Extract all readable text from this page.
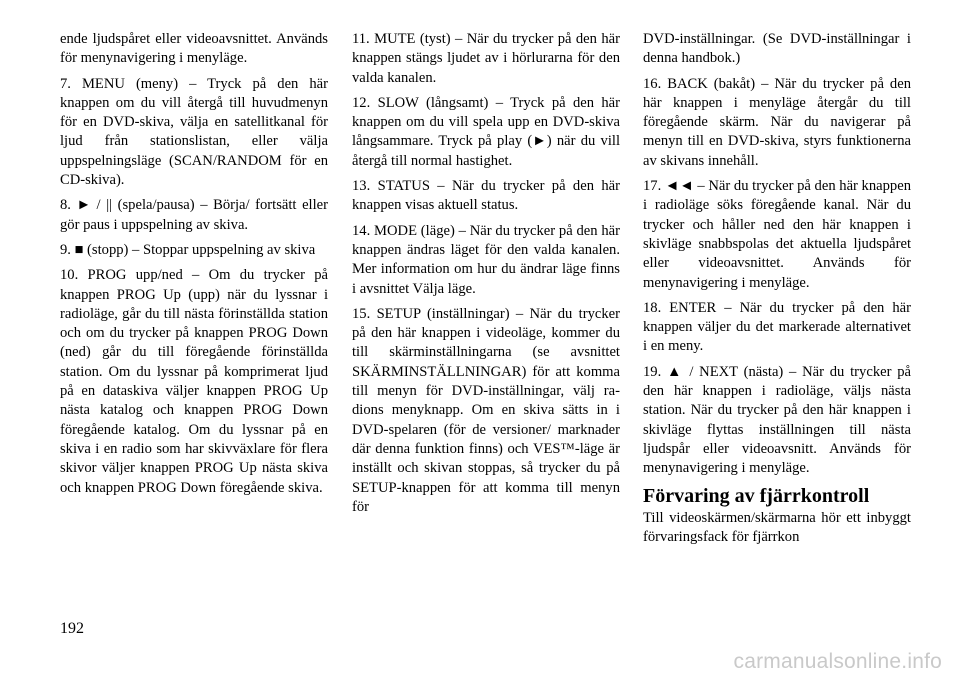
ende ljudspåret eller videoavsnittet. Används för menynavigering i menyläge.

7. MENU (meny) – Tryck på den här knappen om du vill återgå till huvudmenyn för en DVD-skiva, välja en satellitkanal för ljud från stationslistan, eller välja uppspelningsläge (SCAN/RANDOM för en CD-skiva).

8. ► / || (spela/pausa) – Börja/ fortsätt eller gör paus i uppspelning av skiva.

9. ■ (stopp) – Stoppar uppspelning av skiva

10. PROG upp/ned – Om du trycker på knappen PROG Up (upp) när du lyssnar i radioläge, går du till nästa förinställda station och om du trycker på knappen PROG Down (ned) går du till föregående förinställda station. Om du lyssnar på komprimerat ljud på en dataskiva väljer knappen PROG Up nästa katalog och knappen PROG Down föregående katalog. Om du lyssnar på en skiva i en radio som har skivväxlare för flera skivor väljer knappen PROG Up nästa skiva och knappen PROG Down föregående skiva.

11. MUTE (tyst) – När du trycker på den här knappen stängs ljudet av i hörlurarna för den valda kanalen.

12. SLOW (långsamt) – Tryck på den här knappen om du vill spela upp en DVD-skiva långsammare. Tryck på play (►) när du vill återgå till normal hastighet.

13. STATUS – När du trycker på den här knappen visas aktuell status.

14. MODE (läge) – När du trycker på den här knappen ändras läget för den valda kanalen. Mer information om hur du ändrar läge finns i avsnittet Välja läge.

15. SETUP (inställningar) – När du trycker på den här knappen i videoläge, kommer du till skärminställningarna (se avsnittet SKÄRMINSTÄLLNINGAR) för att komma till menyn för DVD-inställningar, välj radions menyknapp. Om en skiva sätts in i DVD-spelaren (för de versioner/ marknader där denna funktion finns) och VES™-läge är inställt och skivan stoppas, så trycker du på SETUP-knappen för att komma till menyn för

DVD-inställningar. (Se DVD-inställningar i denna handbok.)

16. BACK (bakåt) – När du trycker på den här knappen i menyläge återgår du till föregående skärm. När du navigerar på menyn till en DVD-skiva, styrs funktionerna av skivans innehåll.

17. ◄◄ – När du trycker på den här knappen i radioläge söks föregående kanal. När du trycker och håller ned den här knappen i skivläge snabbspolas det aktuella ljudspåret eller videoavsnittet. Används för menynavigering i menyläge.

18. ENTER – När du trycker på den här knappen väljer du det markerade alternativet i en meny.

19. ▲ / NEXT (nästa) – När du trycker på den här knappen i radioläge, väljs nästa station. När du trycker på den här knappen i skivläge flyttas inställningen till nästa ljudspår eller videoavsnitt. Används för menynavigering i menyläge.

Förvaring av fjärrkontroll

Till videoskärmen/skärmarna hör ett inbyggt förvaringsfack för fjärrkon

192
carmanualsonline.info
